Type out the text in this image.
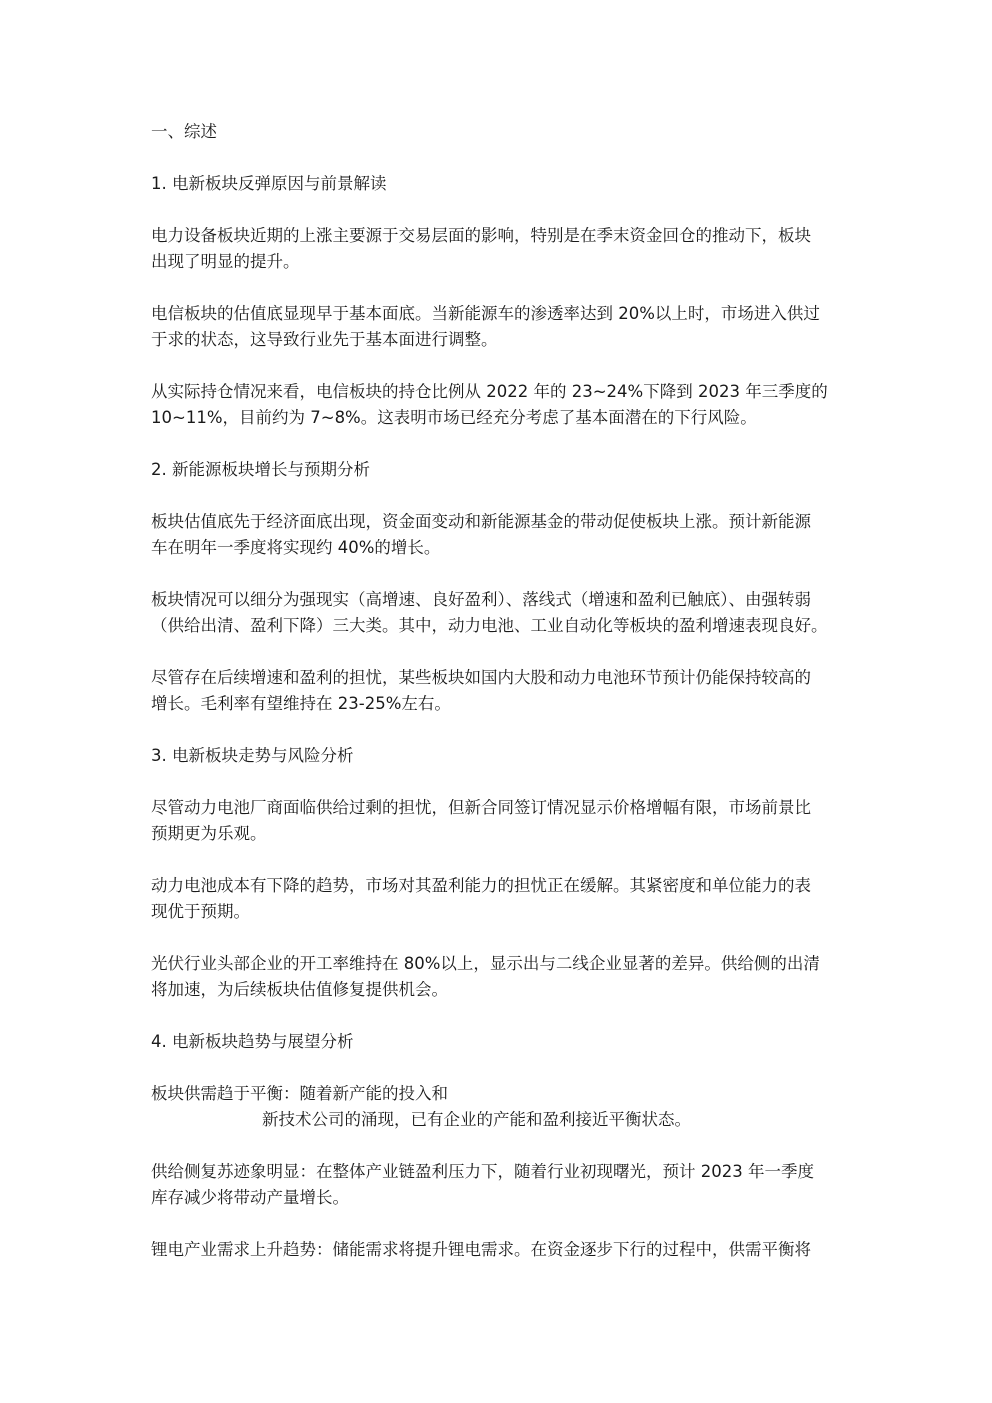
一、综述

1. 电新板块反弹原因与前景解读

电力设备板块近期的上涨主要源于交易层面的影响，特别是在季末资金回仓的推动下，板块

出现了明显的提升。

电信板块的估值底显现早于基本面底。当新能源车的渗透率达到 20%以上时，市场进入供过

于求的状态，这导致行业先于基本面进行调整。

从实际持仓情况来看，电信板块的持仓比例从 2022 年的 23~24%下降到 2023 年三季度的

10~11%，目前约为 7~8%。这表明市场已经充分考虑了基本面潜在的下行风险。

2. 新能源板块增长与预期分析

板块估值底先于经济面底出现，资金面变动和新能源基金的带动促使板块上涨。预计新能源

车在明年一季度将实现约 40%的增长。

板块情况可以细分为强现实（高增速、良好盈利）、落线式（增速和盈利已触底）、由强转弱

（供给出清、盈利下降）三大类。其中，动力电池、工业自动化等板块的盈利增速表现良好。

尽管存在后续增速和盈利的担忧，某些板块如国内大股和动力电池环节预计仍能保持较高的

增长。毛利率有望维持在 23-25%左右。

3. 电新板块走势与风险分析

尽管动力电池厂商面临供给过剩的担忧，但新合同签订情况显示价格增幅有限，市场前景比

预期更为乐观。

动力电池成本有下降的趋势，市场对其盈利能力的担忧正在缓解。其紧密度和单位能力的表

现优于预期。

光伏行业头部企业的开工率维持在 80%以上，显示出与二线企业显著的差异。供给侧的出清

将加速，为后续板块估值修复提供机会。

4. 电新板块趋势与展望分析

板块供需趋于平衡：随着新产能的投入和

新技术公司的涌现，已有企业的产能和盈利接近平衡状态。

供给侧复苏迹象明显：在整体产业链盈利压力下，随着行业初现曙光，预计 2023 年一季度

库存减少将带动产量增长。

锂电产业需求上升趋势：储能需求将提升锂电需求。在资金逐步下行的过程中，供需平衡将
